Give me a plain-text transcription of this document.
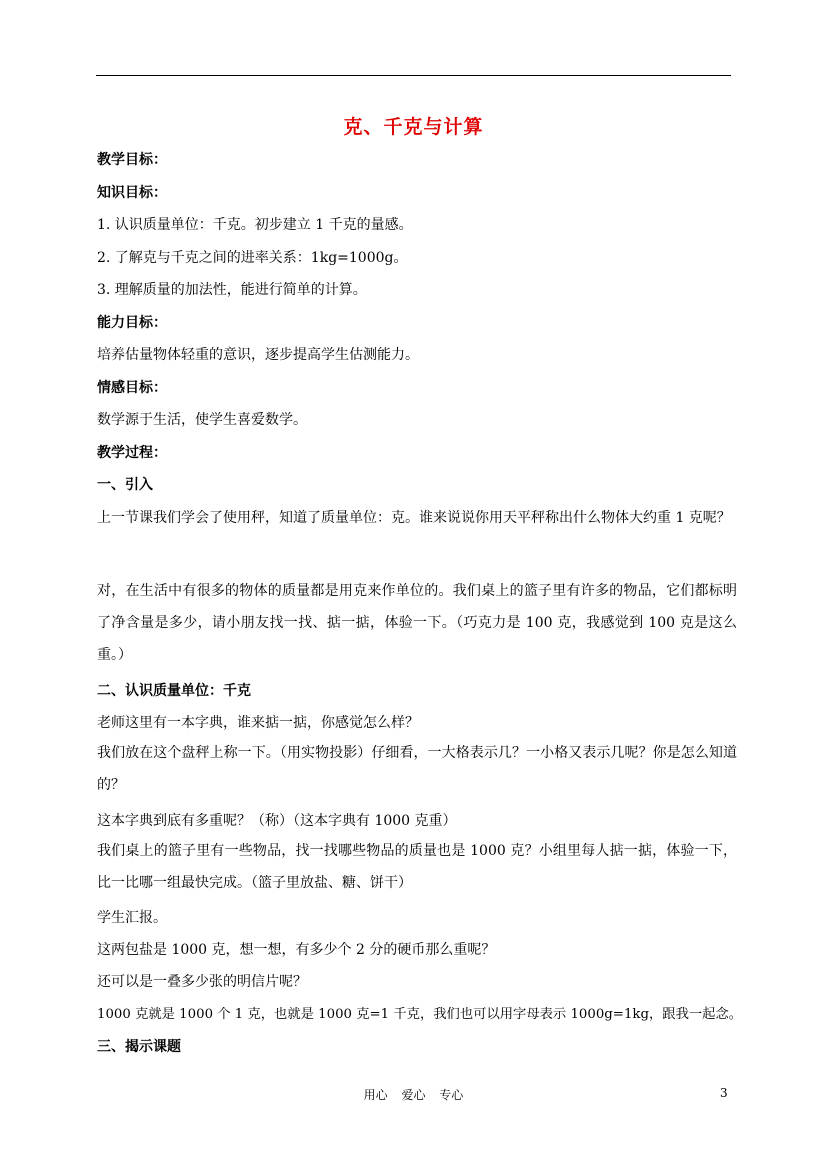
克、千克与计算
教学目标：
知识目标：
1. 认识质量单位：千克。初步建立 1 千克的量感。
2. 了解克与千克之间的进率关系：1kg=1000g。
3. 理解质量的加法性，能进行简单的计算。
能力目标：
培养估量物体轻重的意识，逐步提高学生估测能力。
情感目标：
数学源于生活，使学生喜爱数学。
教学过程：
一、引入
上一节课我们学会了使用秤，知道了质量单位：克。谁来说说你用天平秤称出什么物体大约重 1 克呢？
对，在生活中有很多的物体的质量都是用克来作单位的。我们桌上的篮子里有许多的物品，它们都标明了净含量是多少，请小朋友找一找、掂一掂，体验一下。（巧克力是 100 克，我感觉到 100 克是这么重。）
二、认识质量单位：千克
老师这里有一本字典，谁来掂一掂，你感觉怎么样？
我们放在这个盘秤上称一下。（用实物投影）仔细看，一大格表示几？一小格又表示几呢？你是怎么知道的？
这本字典到底有多重呢？（称）（这本字典有 1000 克重）
我们桌上的篮子里有一些物品，找一找哪些物品的质量也是 1000 克？小组里每人掂一掂，体验一下，比一比哪一组最快完成。（篮子里放盐、糖、饼干）
学生汇报。
这两包盐是 1000 克，想一想，有多少个 2 分的硬币那么重呢？
还可以是一叠多少张的明信片呢？
1000 克就是 1000 个 1 克，也就是 1000 克=1 千克，我们也可以用字母表示 1000g=1kg，跟我一起念。
三、揭示课题
用心 爱心 专心	3
